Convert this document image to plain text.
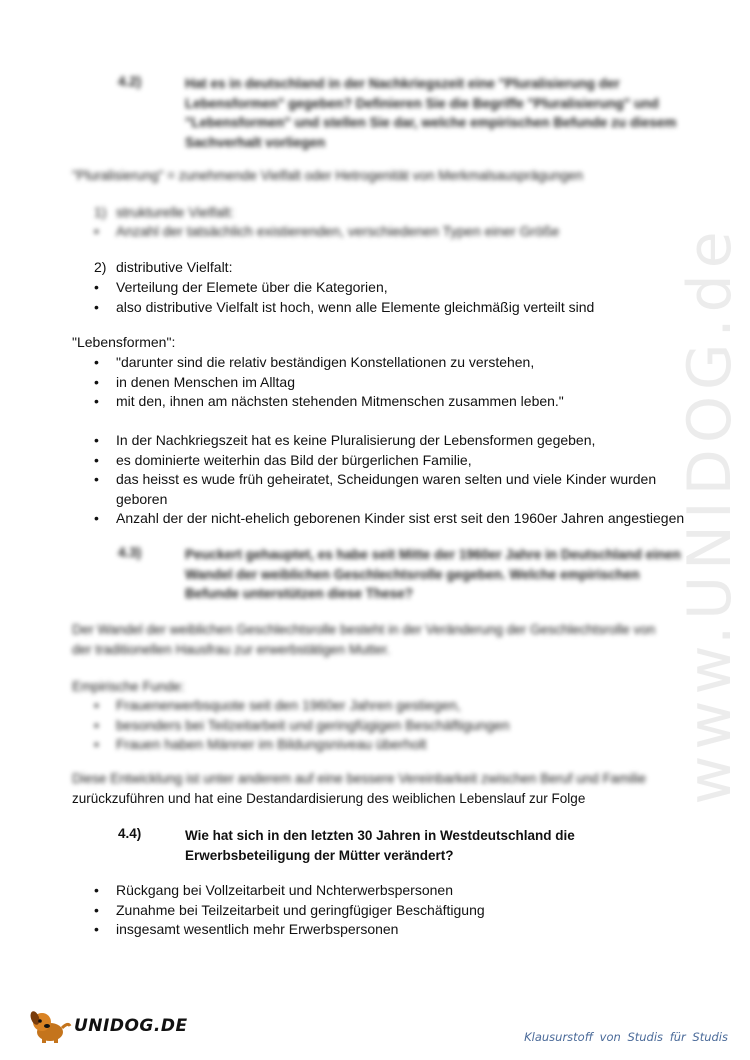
www.UNIDOG.de
4.2)	Hat es in deutschland in der Nachkriegszeit eine "Pluralisierung der
Lebensformen" gegeben? Definieren Sie die Begriffe "Pluralisierung" und
"Lebensformen" und stellen Sie dar, welche empirischen Befunde zu diesem
Sachverhalt vorliegen
"Pluralisierung" = zunehmende Vielfalt oder Hetrogenität von Merkmalsausprägungen
1) strukturelle Vielfalt:
• Anzahl der tatsächlich existierenden, verschiedenen Typen einer Größe
2) distributive Vielfalt:
• Verteilung der Elemete über die Kategorien,
• also distributive Vielfalt ist hoch, wenn alle Elemente gleichmäßig verteilt sind
"Lebensformen":
• "darunter sind die relativ beständigen Konstellationen zu verstehen,
• in denen Menschen im Alltag
• mit den, ihnen am nächsten stehenden Mitmenschen zusammen leben."
• In der Nachkriegszeit hat es keine Pluralisierung der Lebensformen gegeben,
• es dominierte weiterhin das Bild der bürgerlichen Familie,
• das heisst es wude früh geheiratet, Scheidungen waren selten und viele Kinder wurden geboren
• Anzahl der der nicht-ehelich geborenen Kinder sist erst seit den 1960er Jahren angestiegen
4.3)	Peuckert gehauptet, es habe seit Mitte der 1960er Jahre in Deutschland einen
Wandel der weiblichen Geschlechtsrolle gegeben. Welche empirischen
Befunde unterstützen diese These?
Der Wandel der weiblichen Geschlechtsrolle besteht in der Veränderung der Geschlechtsrolle von
der traditionellen Hausfrau zur erwerbstätigen Mutter.
Empirische Funde:
• Frauenerwerbsquote seit den 1960er Jahren gestiegen,
• besonders bei Teilzeitarbeit und geringfügigen Beschäftigungen
• Frauen haben Männer im Bildungsniveau überholt
Diese Entwicklung ist unter anderem auf eine bessere Vereinbarkeit zwischen Beruf und Familie
zurückzuführen und hat eine Destandardisierung des weiblichen Lebenslauf zur Folge
4.4)	Wie hat sich in den letzten 30 Jahren in Westdeutschland die
Erwerbsbeteiligung der Mütter verändert?
• Rückgang bei Vollzeitarbeit und Nchterwerbspersonen
• Zunahme bei Teilzeitarbeit und geringfügiger Beschäftigung
• insgesamt wesentlich mehr Erwerbspersonen
UNIDOG.DE
Klausurstoff von Studis für Studis
